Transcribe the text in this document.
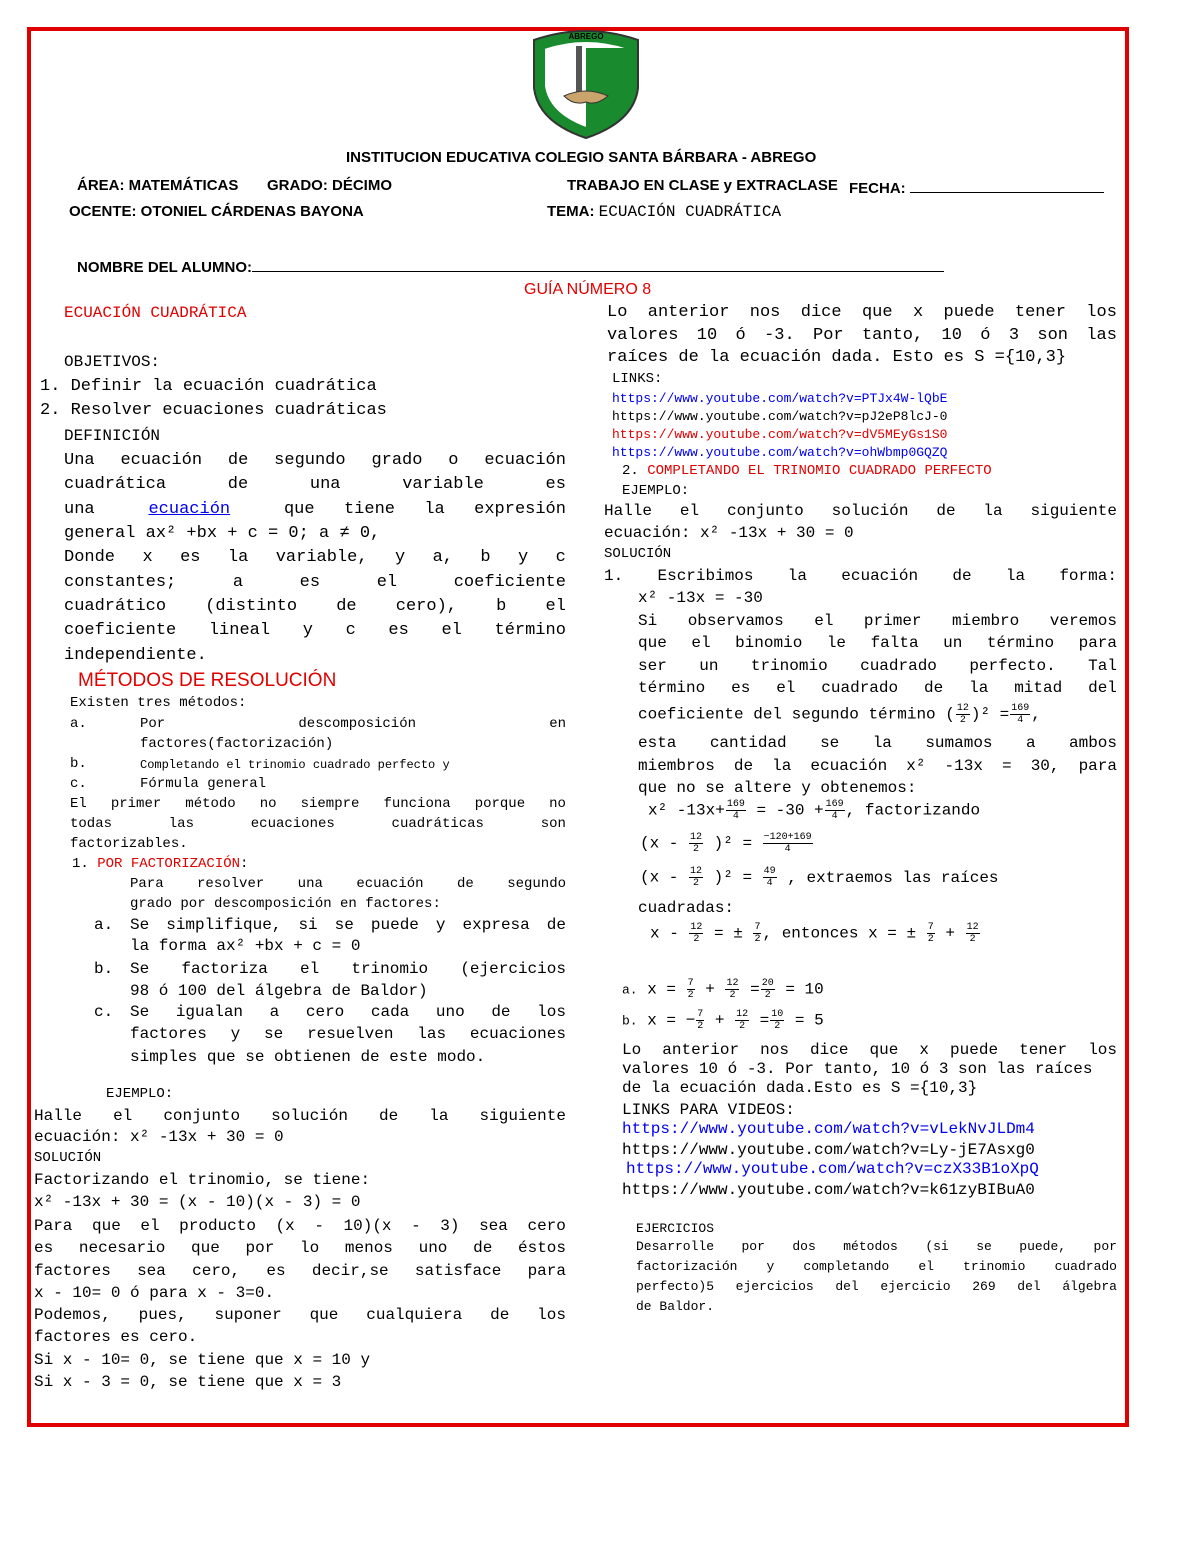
ABREGO
INSTITUCION EDUCATIVA COLEGIO SANTA BÁRBARA - ABREGO
ÁREA: MATEMÁTICAS GRADO: DÉCIMO	TRABAJO EN CLASE y EXTRACLASE FECHA:
OCENTE: OTONIEL CÁRDENAS BAYONA	TEMA: ECUACIÓN CUADRÁTICA
NOMBRE DEL ALUMNO:
GUÍA NÚMERO 8
ECUACIÓN CUADRÁTICA
OBJETIVOS:
1. Definir la ecuación cuadrática
2. Resolver ecuaciones cuadráticas
DEFINICIÓN
Una ecuación de segundo grado o ecuación
cuadrática	de	una	variable	es
una	ecuación	que tiene la expresión
general ax² +bx + c = 0; a ≠ 0,
Donde x es la variable, y a, b y c
constantes;	a	es	el	coeficiente
cuadrático (distinto de cero), b el
coeficiente lineal y c es el término
independiente.
MÉTODOS DE RESOLUCIÓN
Existen tres métodos:
a.	Por	descomposición	en
factores(factorización)
b.	Completando el trinomio cuadrado perfecto y
c.	Fórmula general
El primer método no siempre funciona porque no
todas	las	ecuaciones	cuadráticas	son
factorizables.
1. POR FACTORIZACIÓN:
Para resolver una ecuación de segundo
grado por descomposición en factores:
a. Se simplifique, si se puede y expresa de
la forma ax² +bx + c = 0
b. Se factoriza el trinomio (ejercicios
98 ó 100 del álgebra de Baldor)
c. Se igualan a cero cada uno de los
factores y se resuelven las ecuaciones
simples que se obtienen de este modo.
EJEMPLO:
Halle el conjunto solución de la siguiente
ecuación: x² -13x + 30 = 0
SOLUCIÓN
Factorizando el trinomio, se tiene:
x² -13x + 30 = (x - 10)(x - 3) = 0
Para que el producto (x - 10)(x - 3) sea cero
es necesario que por lo menos uno de éstos
factores sea cero, es decir,se satisface para
x - 10= 0 ó para x - 3=0.
Podemos, pues, suponer que cualquiera de los
factores es cero.
Si x - 10= 0, se tiene que x = 10 y
Si x - 3 = 0, se tiene que x = 3
Lo anterior nos dice que x puede tener los
valores 10 ó -3. Por tanto, 10 ó 3 son las
raíces de la ecuación dada. Esto es S ={10,3}
LINKS:
https://www.youtube.com/watch?v=PTJx4W-lQbE
https://www.youtube.com/watch?v=pJ2eP8lcJ-0
https://www.youtube.com/watch?v=dV5MEyGs1S0
https://www.youtube.com/watch?v=ohWbmp0GQZQ
2. COMPLETANDO EL TRINOMIO CUADRADO PERFECTO
EJEMPLO:
Halle el conjunto solución de la siguiente
ecuación: x² -13x + 30 = 0
SOLUCIÓN
1. Escribimos la ecuación de la forma:
x² -13x = -30
Si observamos el primer miembro veremos
que el binomio le falta un término para
ser un trinomio cuadrado perfecto. Tal
término es el cuadrado de la mitad del
coeficiente del segundo término ( $\frac{12}{2} )^2 = \frac{169}{4}$ ,
esta cantidad se la sumamos a ambos
miembros de la ecuación x² -13x = 30, para
que no se altere y obtenemos:
x² $-13x+ \frac{169}{4} = -30 + \frac{169}{4}$ , factorizando
$(x - \frac{12}{2} )^2 = \frac{-120+169}{4}$
$(x - \frac{12}{2} )^2 = \frac{49}{4}$ , extraemos las raíces
cuadradas:
x - $\frac{12}{2}$ = ± $\frac{7}{2}$ , entonces x = ± $\frac{7}{2} + \frac{12}{2}$
a. $x = \frac{7}{2} + \frac{12}{2} = \frac{20}{2} = 10$
b. x = − $\frac{7}{2} + \frac{12}{2} = \frac{10}{2} = 5$
Lo anterior nos dice que x puede tener los
valores 10 ó -3. Por tanto, 10 ó 3 son las raíces
de la ecuación dada.Esto es S ={10,3}
LINKS PARA VIDEOS:
https://www.youtube.com/watch?v=vLekNvJLDm4
https://www.youtube.com/watch?v=Ly-jE7Asxg0
https://www.youtube.com/watch?v=czX33B1oXpQ
https://www.youtube.com/watch?v=k61zyBIBuA0
EJERCICIOS
Desarrolle por dos métodos (si se puede, por
factorización y completando el trinomio cuadrado
perfecto)5 ejercicios del ejercicio 269 del álgebra
de Baldor.
